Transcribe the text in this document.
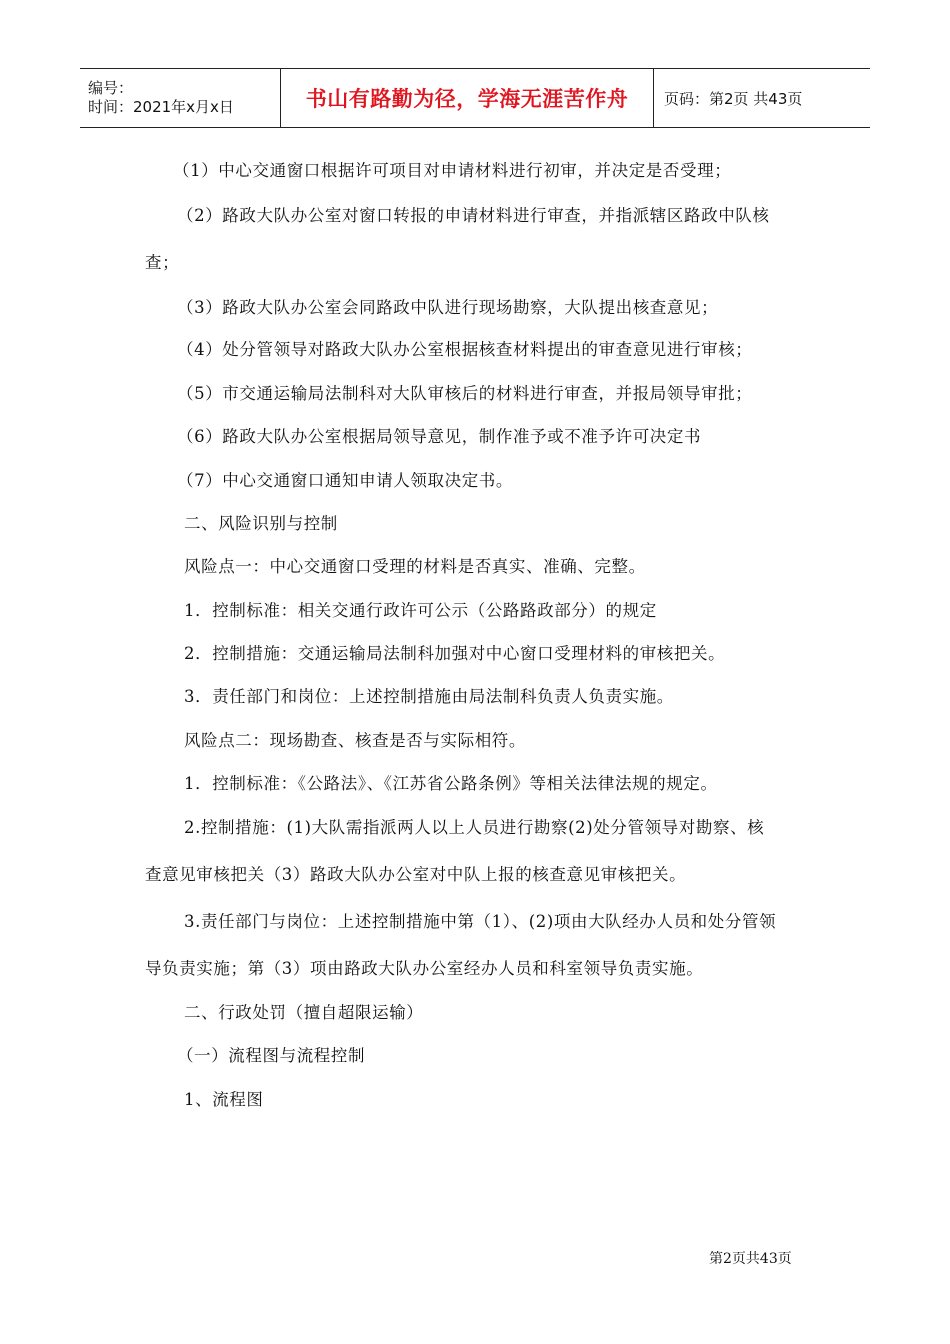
编号：
时间：2021年x月x日	书山有路勤为径，学海无涯苦作舟 页码：第2页 共43页
（1）中心交通窗口根据许可项目对申请材料进行初审，并决定是否受理；
（2）路政大队办公室对窗口转报的申请材料进行审查，并指派辖区路政中队核
查；
（3）路政大队办公室会同路政中队进行现场勘察，大队提出核查意见；
（4）处分管领导对路政大队办公室根据核查材料提出的审查意见进行审核；
（5）市交通运输局法制科对大队审核后的材料进行审查，并报局领导审批；
（6）路政大队办公室根据局领导意见，制作准予或不准予许可决定书
（7）中心交通窗口通知申请人领取决定书。
二、风险识别与控制
风险点一：中心交通窗口受理的材料是否真实、准确、完整。
1．控制标准：相关交通行政许可公示（公路路政部分）的规定
2．控制措施：交通运输局法制科加强对中心窗口受理材料的审核把关。
3．责任部门和岗位：上述控制措施由局法制科负责人负责实施。
风险点二：现场勘查、核查是否与实际相符。
1．控制标准：《公路法》、《江苏省公路条例》等相关法律法规的规定。
2.控制措施：(1)大队需指派两人以上人员进行勘察(2)处分管领导对勘察、核
查意见审核把关（3）路政大队办公室对中队上报的核查意见审核把关。
3.责任部门与岗位：上述控制措施中第（1）、(2)项由大队经办人员和处分管领
导负责实施；第（3）项由路政大队办公室经办人员和科室领导负责实施。
二、行政处罚（擅自超限运输）
（一）流程图与流程控制
1、流程图
第2页共43页
